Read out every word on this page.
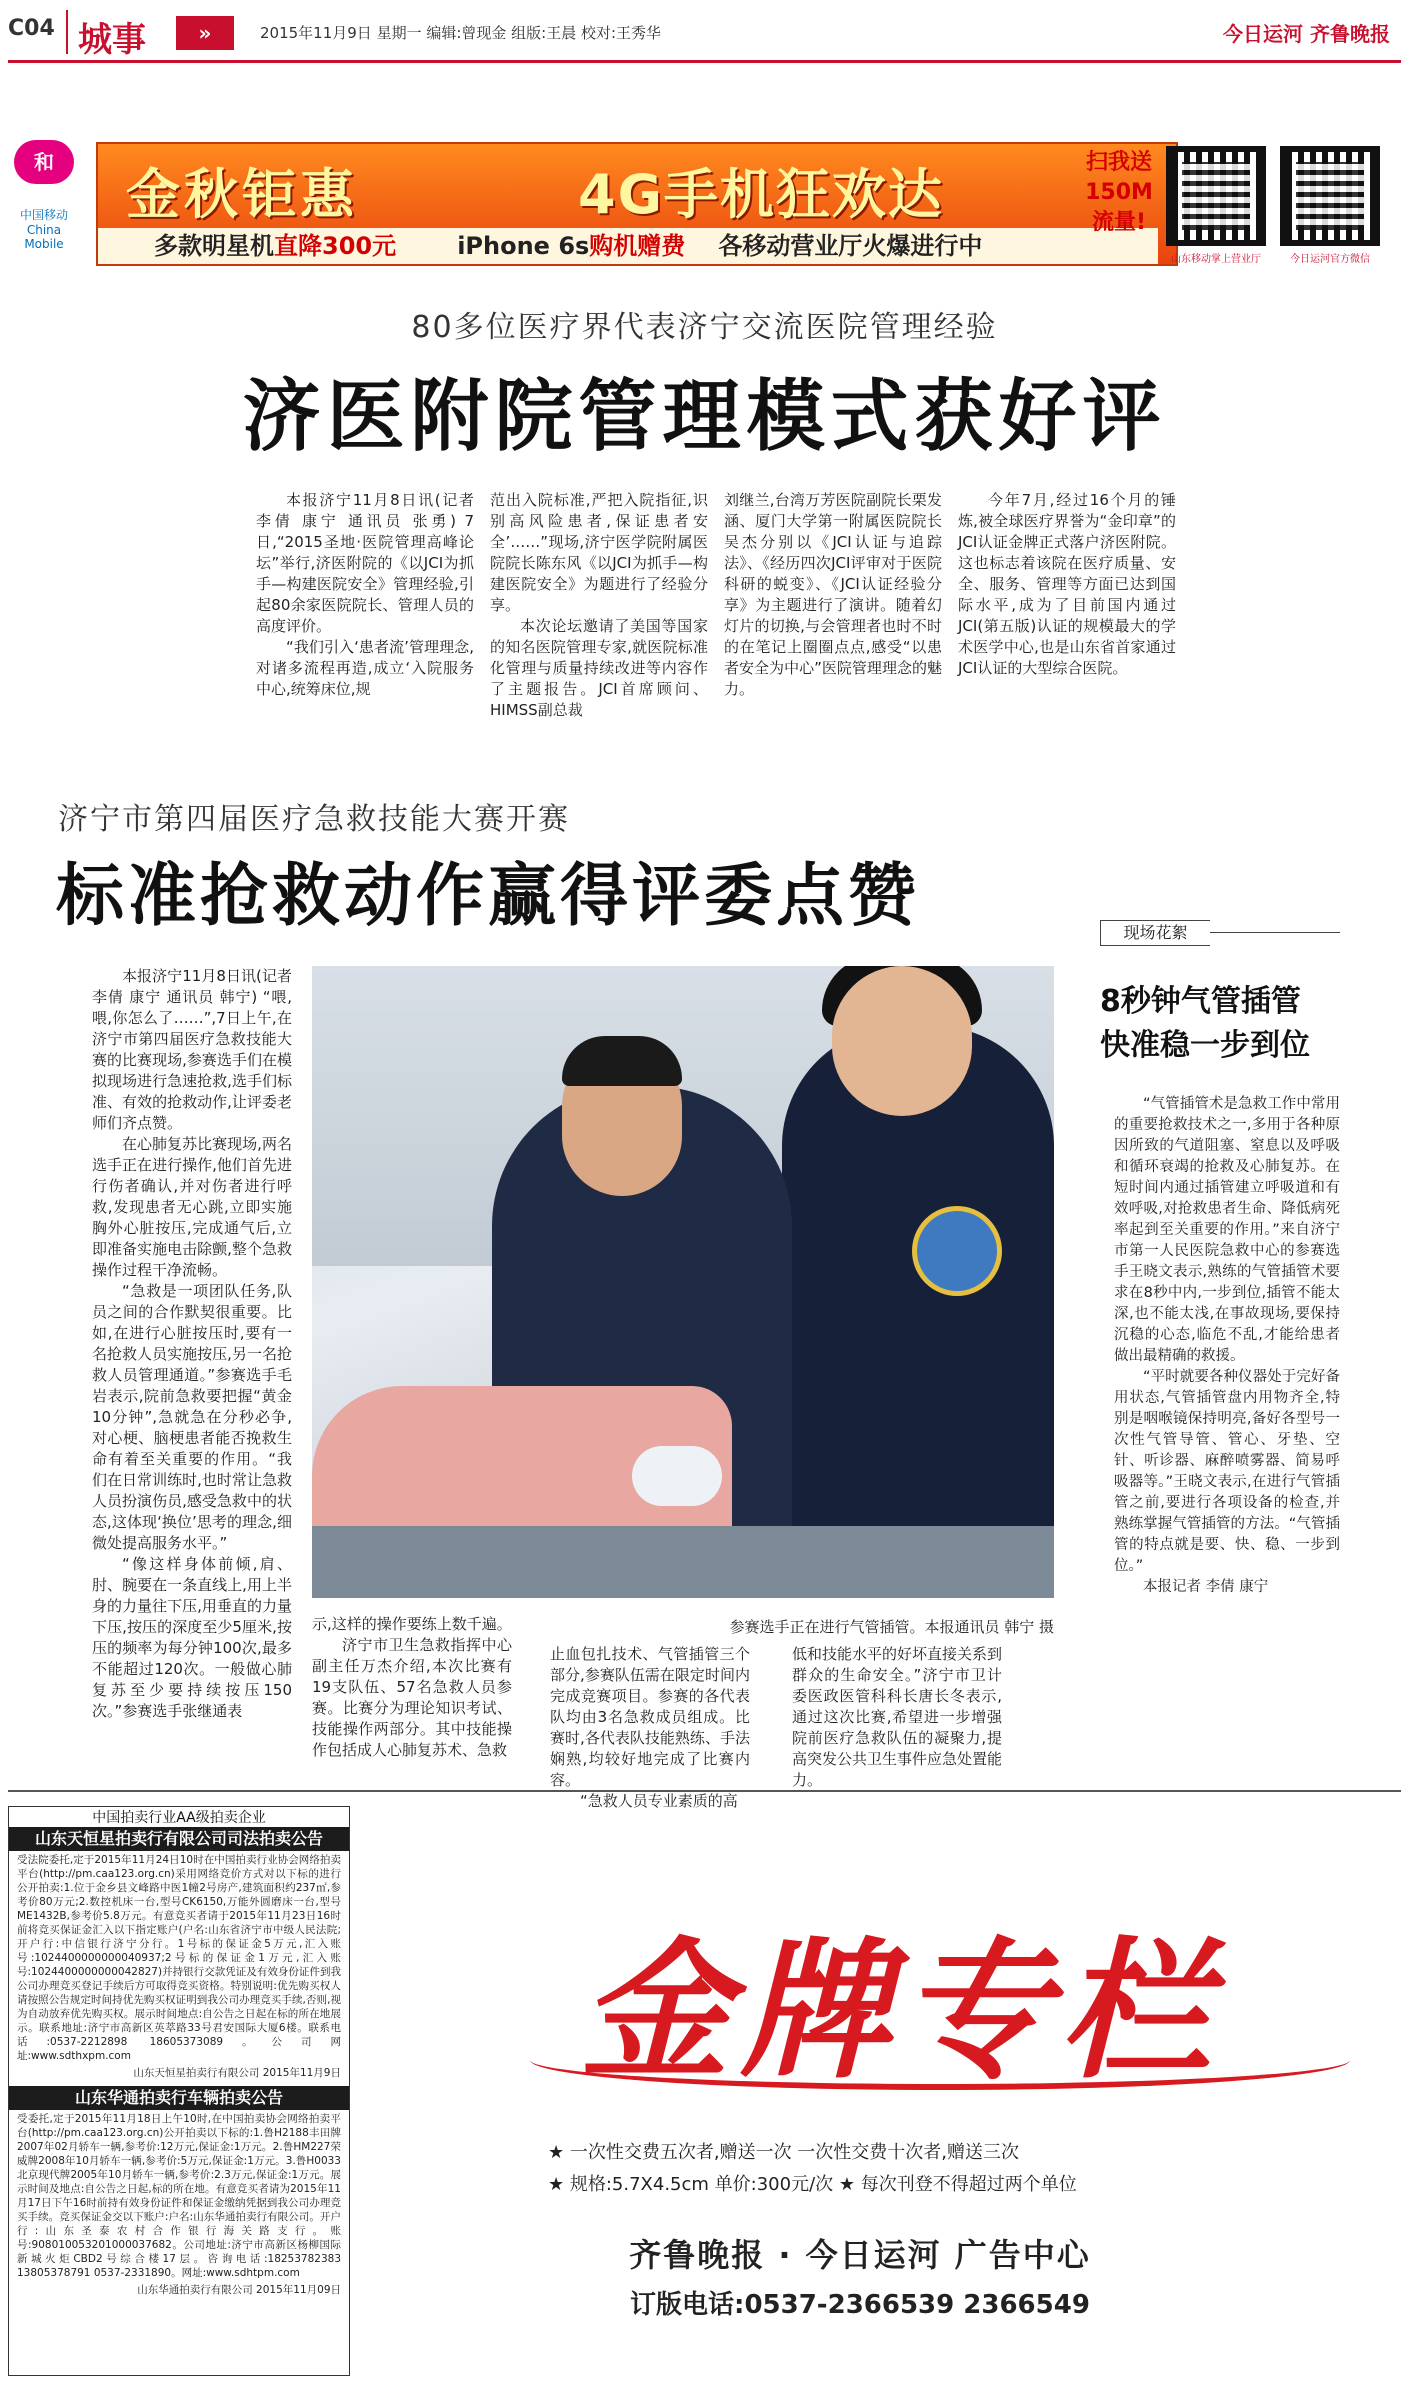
C04 城事	»	2015年11月9日 星期一 编辑:曾现金 组版:王晨 校对:王秀华	今日运河 齐鲁晚报
和
中国移动 China Mobile
金秋钜惠	4G手机狂欢达
多款明星机直降300元	iPhone 6s购机赠费 各移动营业厅火爆进行中
扫我送 150M 流量!
山东移动掌上营业厅	今日运河官方微信
80多位医疗界代表济宁交流医院管理经验
济医附院管理模式获好评

本报济宁11月8日讯(记者 李倩 康宁 通讯员 张勇) 7日,“2015圣地·医院管理高峰论坛”举行,济医附院的《以JCI为抓手—构建医院安全》管理经验,引起80余家医院院长、管理人员的高度评价。

“我们引入‘患者流’管理理念,对诸多流程再造,成立‘入院服务中心,统筹床位,规

范出入院标准,严把入院指征,识别高风险患者,保证患者安全’……”现场,济宁医学院附属医院院长陈东风《以JCI为抓手—构建医院安全》为题进行了经验分享。

本次论坛邀请了美国等国家的知名医院管理专家,就医院标准化管理与质量持续改进等内容作了主题报告。JCI首席顾问、HIMSS副总裁

刘继兰,台湾万芳医院副院长栗发涵、厦门大学第一附属医院院长吴杰分别以《JCI认证与追踪法》、《经历四次JCI评审对于医院科研的蜕变》、《JCI认证经验分享》为主题进行了演讲。随着幻灯片的切换,与会管理者也时不时的在笔记上圈圈点点,感受“以患者安全为中心”医院管理理念的魅力。

今年7月,经过16个月的锤炼,被全球医疗界誉为“金印章”的JCI认证金牌正式落户济医附院。这也标志着该院在医疗质量、安全、服务、管理等方面已达到国际水平,成为了目前国内通过JCI(第五版)认证的规模最大的学术医学中心,也是山东省首家通过JCI认证的大型综合医院。

济宁市第四届医疗急救技能大赛开赛
标准抢救动作赢得评委点赞

本报济宁11月8日讯(记者 李倩 康宁 通讯员 韩宁) “喂,喂,你怎么了……”,7日上午,在济宁市第四届医疗急救技能大赛的比赛现场,参赛选手们在模拟现场进行急速抢救,选手们标准、有效的抢救动作,让评委老师们齐点赞。

在心肺复苏比赛现场,两名选手正在进行操作,他们首先进行伤者确认,并对伤者进行呼救,发现患者无心跳,立即实施胸外心脏按压,完成通气后,立即准备实施电击除颤,整个急救操作过程干净流畅。

“急救是一项团队任务,队员之间的合作默契很重要。比如,在进行心脏按压时,要有一名抢救人员实施按压,另一名抢救人员管理通道。”参赛选手毛岩表示,院前急救要把握“黄金10分钟”,急就急在分秒必争,对心梗、脑梗患者能否挽救生命有着至关重要的作用。“我们在日常训练时,也时常让急救人员扮演伤员,感受急救中的状态,这体现‘换位’思考的理念,细微处提高服务水平。”

“像这样身体前倾,肩、肘、腕要在一条直线上,用上半身的力量往下压,用垂直的力量下压,按压的深度至少5厘米,按压的频率为每分钟100次,最多不能超过120次。一般做心肺复苏至少要持续按压150次。”参赛选手张继通表

参赛选手正在进行气管插管。本报通讯员 韩宁 摄

示,这样的操作要练上数千遍。

济宁市卫生急救指挥中心副主任万杰介绍,本次比赛有19支队伍、57名急救人员参赛。比赛分为理论知识考试、技能操作两部分。其中技能操作包括成人心肺复苏术、急救

止血包扎技术、气管插管三个部分,参赛队伍需在限定时间内完成竞赛项目。参赛的各代表队均由3名急救成员组成。比赛时,各代表队技能熟练、手法娴熟,均较好地完成了比赛内容。

“急救人员专业素质的高

低和技能水平的好坏直接关系到群众的生命安全。”济宁市卫计委医政医管科科长唐长冬表示,通过这次比赛,希望进一步增强院前医疗急救队伍的凝聚力,提高突发公共卫生事件应急处置能力。

现场花絮
8秒钟气管插管
快准稳一步到位

“气管插管术是急救工作中常用的重要抢救技术之一,多用于各种原因所致的气道阻塞、窒息以及呼吸和循环衰竭的抢救及心肺复苏。在短时间内通过插管建立呼吸道和有效呼吸,对抢救患者生命、降低病死率起到至关重要的作用。”来自济宁市第一人民医院急救中心的参赛选手王晓文表示,熟练的气管插管术要求在8秒中内,一步到位,插管不能太深,也不能太浅,在事故现场,要保持沉稳的心态,临危不乱,才能给患者做出最精确的救援。

“平时就要各种仪器处于完好备用状态,气管插管盘内用物齐全,特别是咽喉镜保持明亮,备好各型号一次性气管导管、管心、牙垫、空针、听诊器、麻醉喷雾器、简易呼吸器等。”王晓文表示,在进行气管插管之前,要进行各项设备的检查,并熟练掌握气管插管的方法。“气管插管的特点就是要、快、稳、一步到位。”

本报记者 李倩 康宁

中国拍卖行业AA级拍卖企业
山东天恒星拍卖行有限公司司法拍卖公告
受法院委托,定于2015年11月24日10时在中国拍卖行业协会网络拍卖平台(http://pm.caa123.org.cn)采用网络竞价方式对以下标的进行公开拍卖:1.位于金乡县文峰路中医1幢2号房产,建筑面积约237㎡,参考价80万元;2.数控机床一台,型号CK6150,万能外圆磨床一台,型号ME1432B,参考价5.8万元。有意竞买者请于2015年11月23日16时前将竞买保证金汇入以下指定账户(户名:山东省济宁市中级人民法院;开户行:中信银行济宁分行。1号标的保证金5万元,汇入账号:1024400000000040937;2号标的保证金1万元,汇入账号:1024400000000042827)并持银行交款凭证及有效身份证件到我公司办理竞买登记手续后方可取得竞买资格。特别说明:优先购买权人请按照公告规定时间持优先购买权证明到我公司办理竞买手续,否则,视为自动放弃优先购买权。展示时间地点:自公告之日起在标的所在地展示。联系地址:济宁市高新区英萃路33号君安国际大厦6楼。联系电话:0537-2212898 18605373089。公司网址:www.sdthxpm.com
山东天恒星拍卖行有限公司 2015年11月9日
山东华通拍卖行车辆拍卖公告
受委托,定于2015年11月18日上午10时,在中国拍卖协会网络拍卖平台(http://pm.caa123.org.cn)公开拍卖以下标的:1.鲁H2188丰田牌2007年02月轿车一辆,参考价:12万元,保证金:1万元。2.鲁HM227荣威牌2008年10月轿车一辆,参考价:5万元,保证金:1万元。3.鲁H0033北京现代牌2005年10月轿车一辆,参考价:2.3万元,保证金:1万元。展示时间及地点:自公告之日起,标的所在地。有意竞买者请为2015年11月17日下午16时前持有效身份证件和保证金缴纳凭据到我公司办理竞买手续。竞买保证金交以下账户:户名:山东华通拍卖行有限公司。开户行:山东圣泰农村合作银行海关路支行。账号:908010053201000037682。公司地址:济宁市高新区杨柳国际新城火炬CBD2号综合楼17层。咨询电话:18253782383 13805378791 0537-2331890。网址:www.sdhtpm.com
山东华通拍卖行有限公司 2015年11月09日
金牌专栏
★ 一次性交费五次者,赠送一次 一次性交费十次者,赠送三次
★ 规格:5.7X4.5cm 单价:300元/次 ★ 每次刊登不得超过两个单位
齐鲁晚报 · 今日运河 广告中心
订版电话:0537-2366539 2366549
